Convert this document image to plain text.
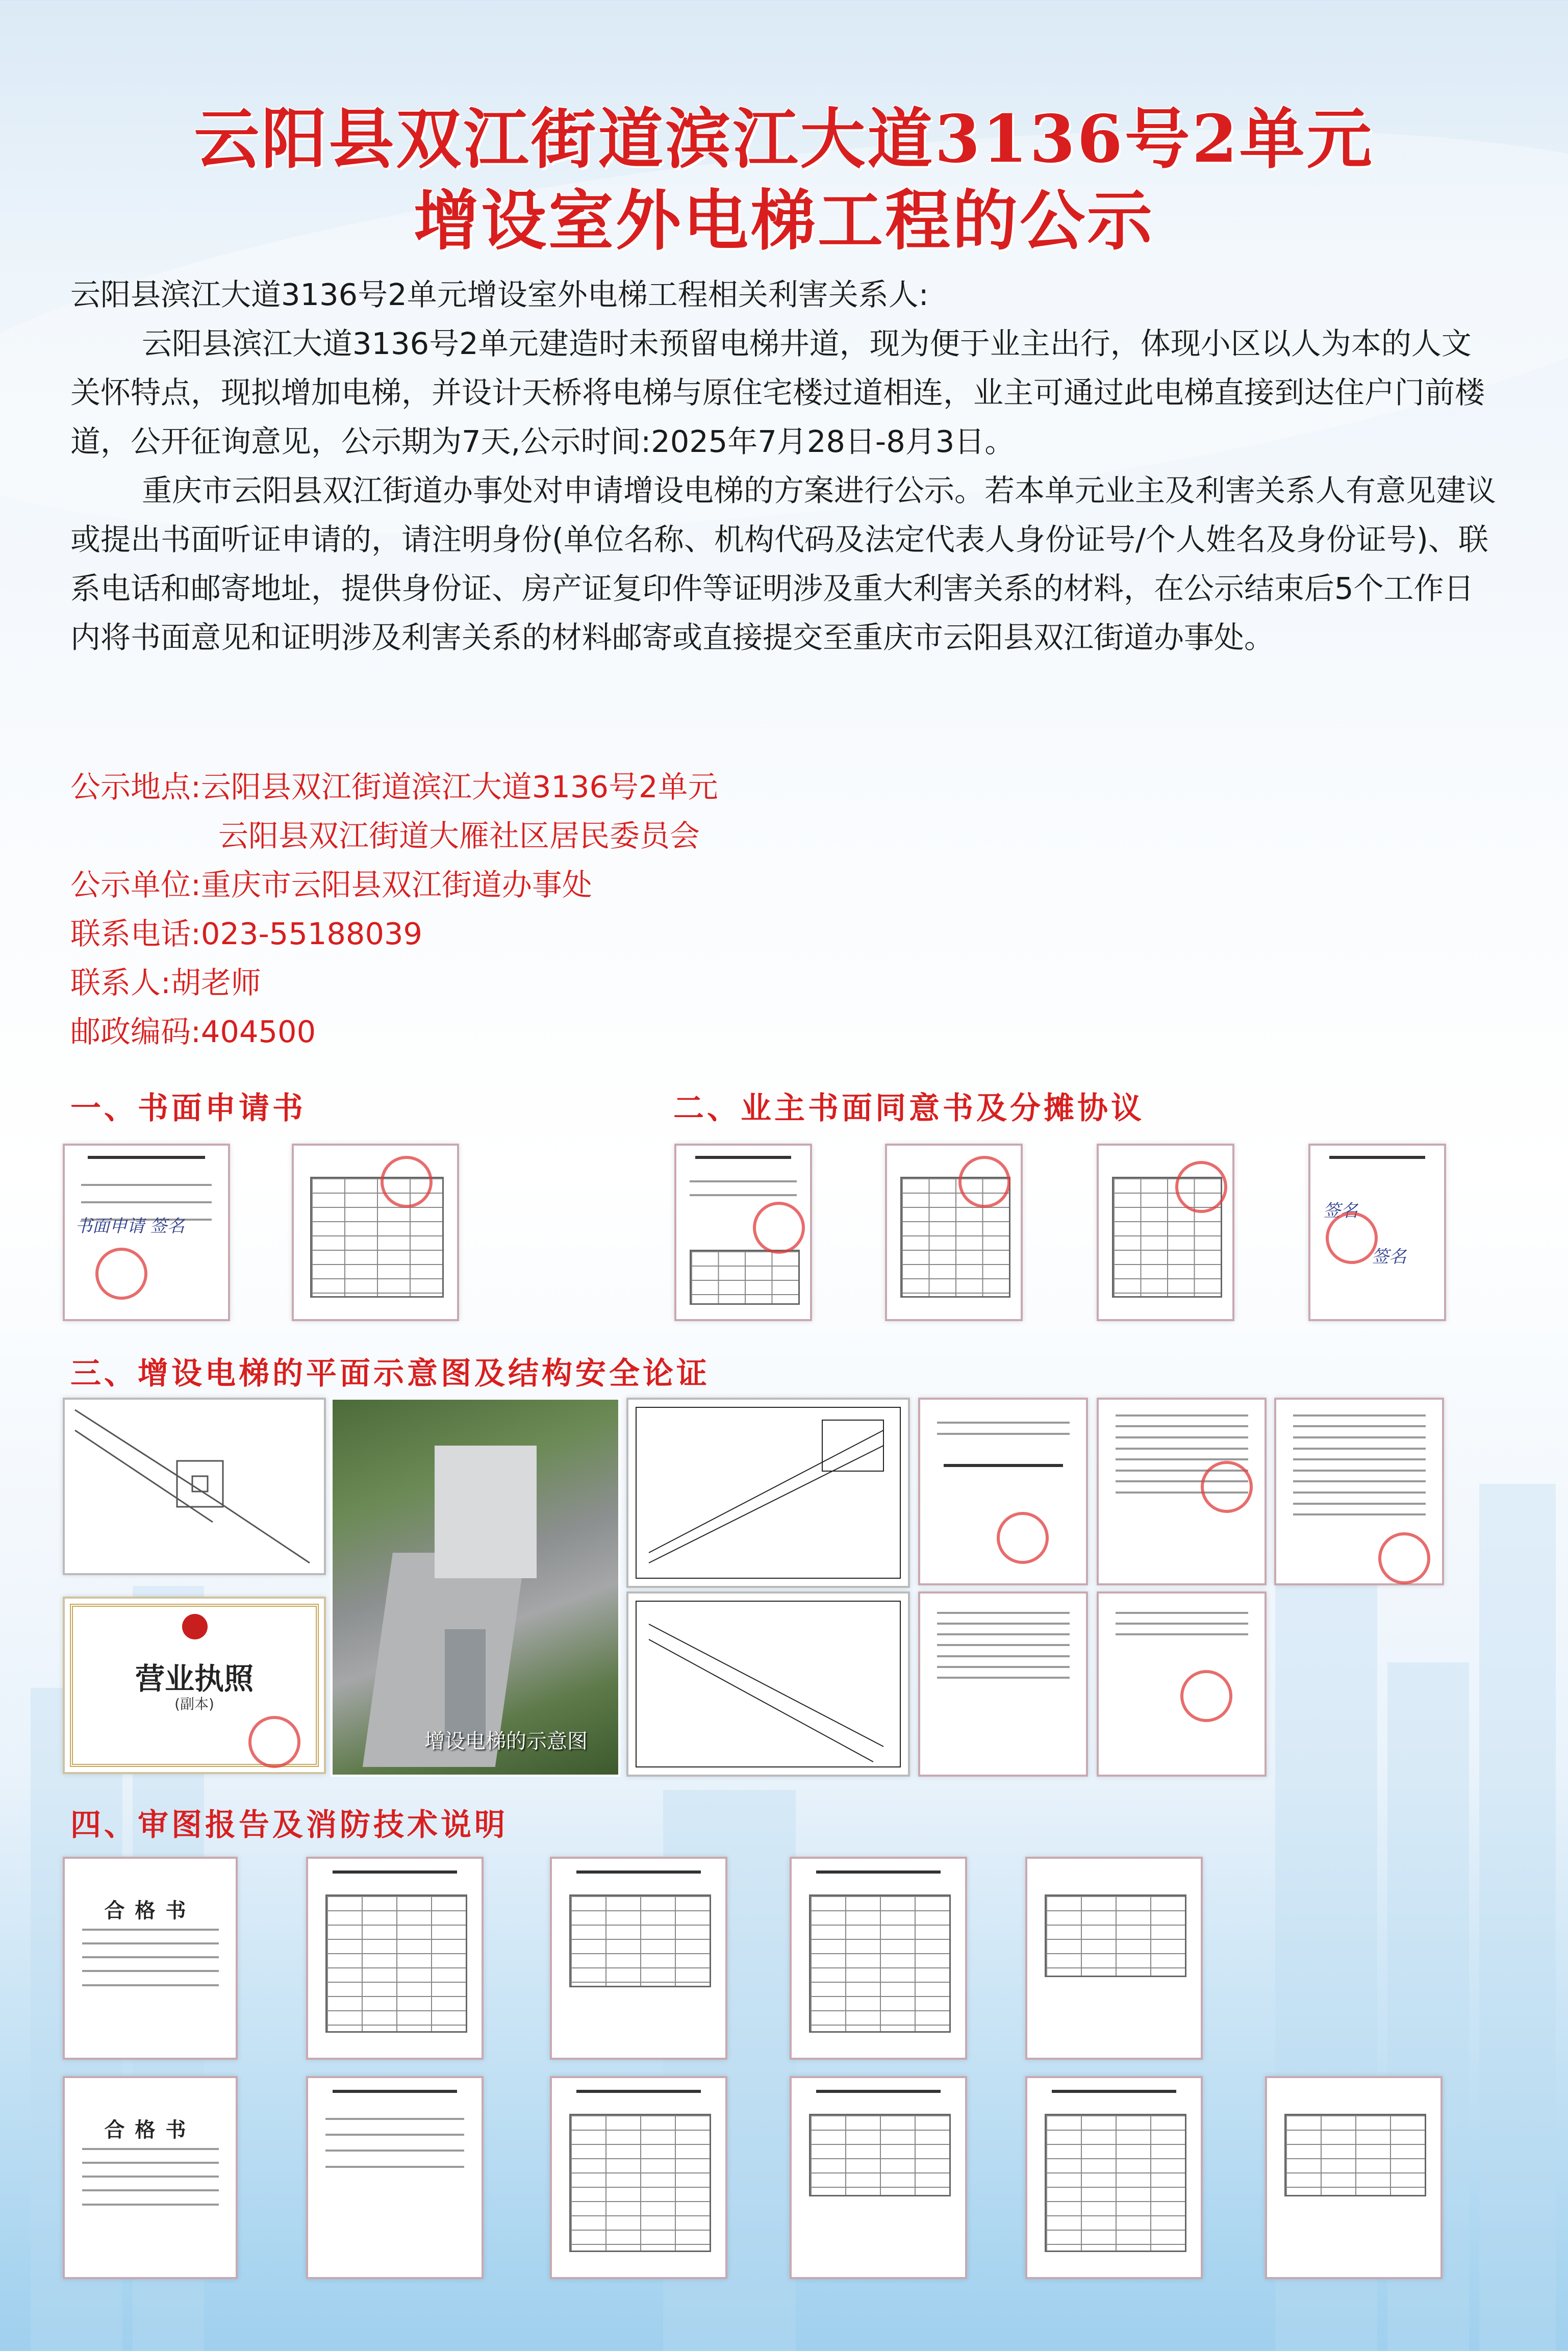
云阳县双江街道滨江大道3136号2单元
增设室外电梯工程的公示

云阳县滨江大道3136号2单元增设室外电梯工程相关利害关系人:

云阳县滨江大道3136号2单元建造时未预留电梯井道，现为便于业主出行，体现小区以人为本的人文关怀特点，现拟增加电梯，并设计天桥将电梯与原住宅楼过道相连，业主可通过此电梯直接到达住户门前楼道，公开征询意见，公示期为7天,公示时间:2025年7月28日-8月3日。

重庆市云阳县双江街道办事处对申请增设电梯的方案进行公示。若本单元业主及利害关系人有意见建议或提出书面听证申请的，请注明身份(单位名称、机构代码及法定代表人身份证号/个人姓名及身份证号)、联系电话和邮寄地址，提供身份证、房产证复印件等证明涉及重大利害关系的材料，在公示结束后5个工作日内将书面意见和证明涉及利害关系的材料邮寄或直接提交至重庆市云阳县双江街道办事处。

公示地点:云阳县双江街道滨江大道3136号2单元
云阳县双江街道大雁社区居民委员会
公示单位:重庆市云阳县双江街道办事处
联系电话:023-55188039
联系人:胡老师
邮政编码:404500
一、书面申请书	二、业主书面同意书及分摊协议
书面申请 签名
签名
签名
三、增设电梯的平面示意图及结构安全论证
营业执照
(副本)
增设电梯的示意图
四、审图报告及消防技术说明
合格书
合格书
